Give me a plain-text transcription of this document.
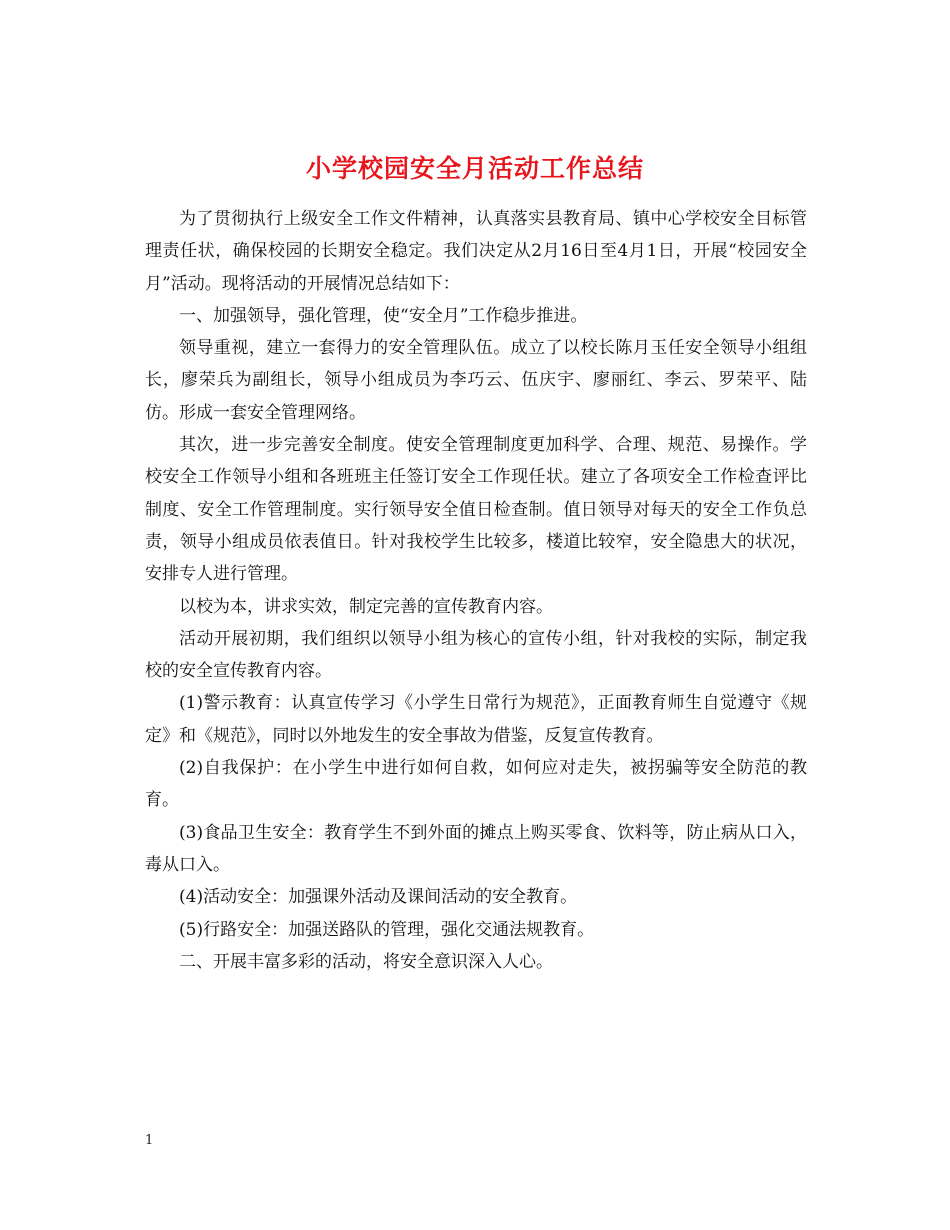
小学校园安全月活动工作总结

为了贯彻执行上级安全工作文件精神，认真落实县教育局、镇中心学校安全目标管理责任状，确保校园的长期安全稳定。我们决定从2月16日至4月1日，开展“校园安全月”活动。现将活动的开展情况总结如下：

一、加强领导，强化管理，使“安全月”工作稳步推进。

领导重视，建立一套得力的安全管理队伍。成立了以校长陈月玉任安全领导小组组长，廖荣兵为副组长，领导小组成员为李巧云、伍庆宇、廖丽红、李云、罗荣平、陆仿。形成一套安全管理网络。

其次，进一步完善安全制度。使安全管理制度更加科学、合理、规范、易操作。学校安全工作领导小组和各班班主任签订安全工作现任状。建立了各项安全工作检查评比制度、安全工作管理制度。实行领导安全值日检查制。值日领导对每天的安全工作负总责，领导小组成员依表值日。针对我校学生比较多，楼道比较窄，安全隐患大的状况，安排专人进行管理。

以校为本，讲求实效，制定完善的宣传教育内容。

活动开展初期，我们组织以领导小组为核心的宣传小组，针对我校的实际，制定我校的安全宣传教育内容。

(1)警示教育：认真宣传学习《小学生日常行为规范》，正面教育师生自觉遵守《规定》和《规范》，同时以外地发生的安全事故为借鉴，反复宣传教育。

(2)自我保护：在小学生中进行如何自救，如何应对走失，被拐骗等安全防范的教育。

(3)食品卫生安全：教育学生不到外面的摊点上购买零食、饮料等，防止病从口入，毒从口入。

(4)活动安全：加强课外活动及课间活动的安全教育。

(5)行路安全：加强送路队的管理，强化交通法规教育。

二、开展丰富多彩的活动，将安全意识深入人心。

1
